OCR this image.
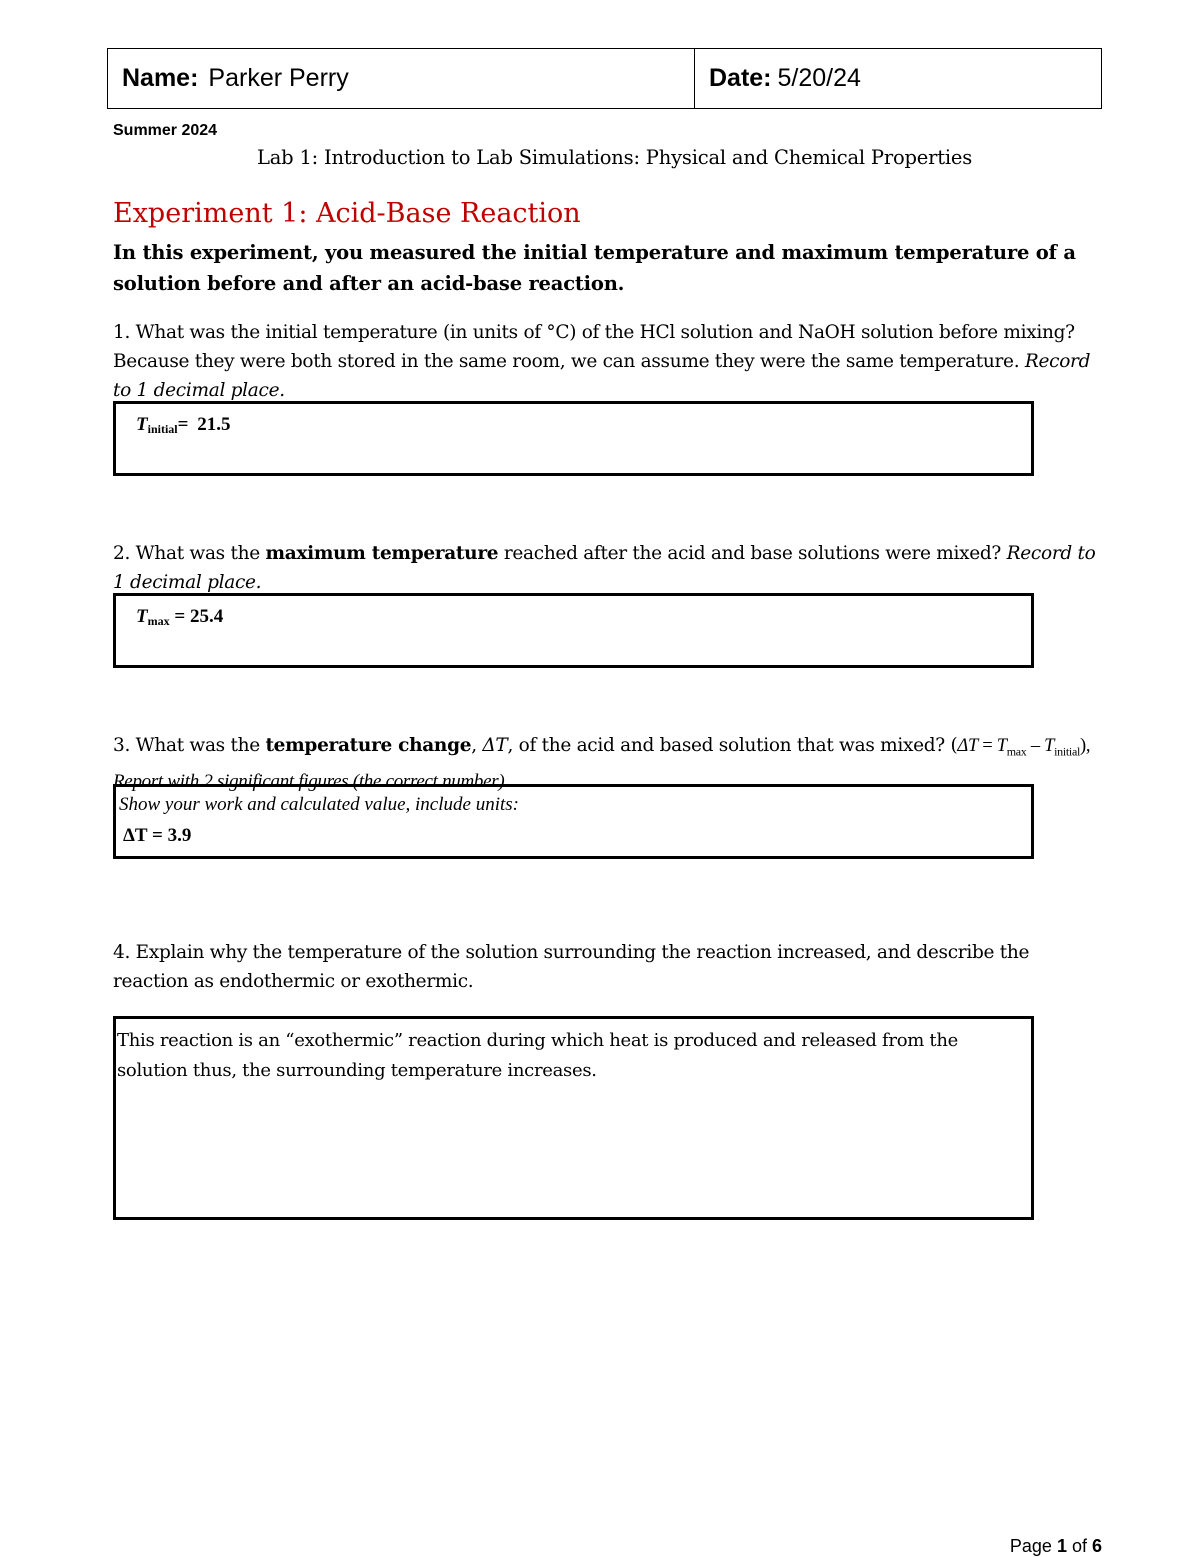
Name: Parker Perry	Date: 5/20/24
Summer 2024
Lab 1: Introduction to Lab Simulations: Physical and Chemical Properties
Experiment 1: Acid-Base Reaction
In this experiment, you measured the initial temperature and maximum temperature of a solution before and after an acid-base reaction.
1. What was the initial temperature (in units of °C) of the HCl solution and NaOH solution before mixing? Because they were both stored in the same room, we can assume they were the same temperature. Record to 1 decimal place.
$T_{initial}= 21.5$
2. What was the maximum temperature reached after the acid and base solutions were mixed? Record to 1 decimal place.
$T_{max} = 25.4$
3. What was the temperature change, ΔT, of the acid and based solution that was mixed? $(\Delta T = T_{max} - T_{initial})$,
Report with 2 significant figures (the correct number).
Show your work and calculated value, include units:
ΔT = 3.9
4. Explain why the temperature of the solution surrounding the reaction increased, and describe the reaction as endothermic or exothermic.
This reaction is an “exothermic” reaction during which heat is produced and released from the solution thus, the surrounding temperature increases.
Page 1 of 6
